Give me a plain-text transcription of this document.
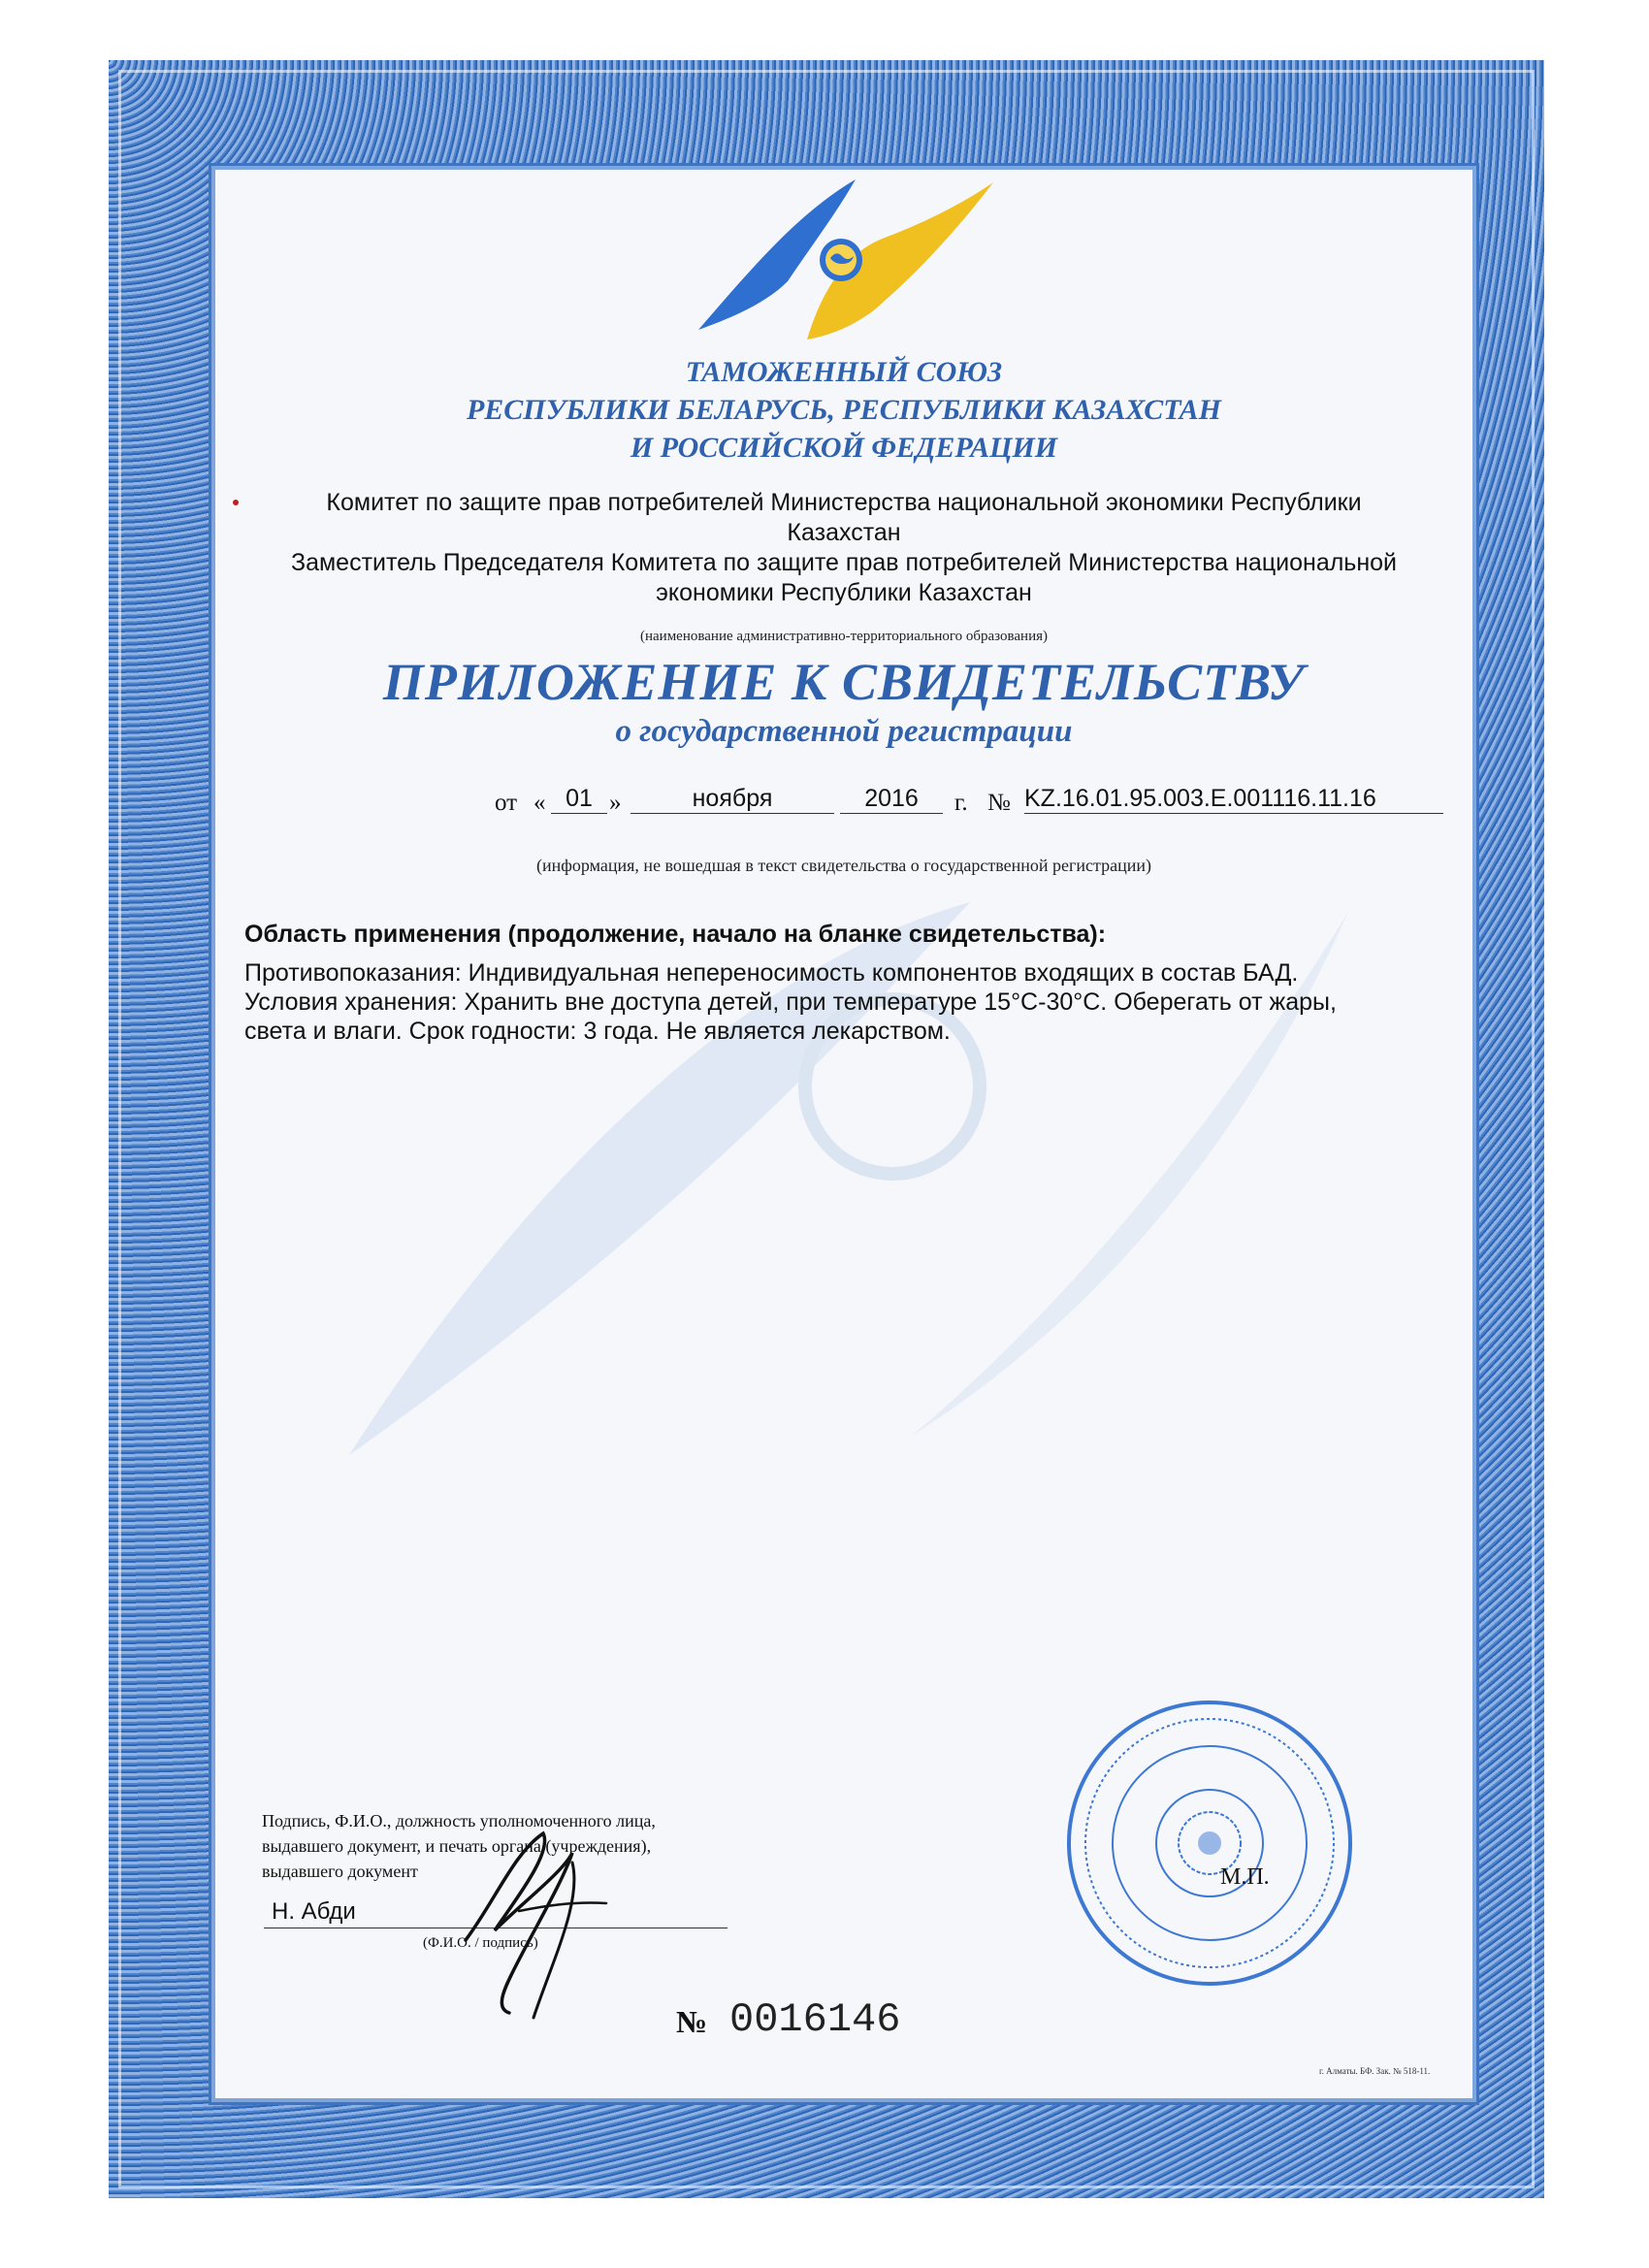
ТАМОЖЕННЫЙ СОЮЗ
РЕСПУБЛИКИ БЕЛАРУСЬ, РЕСПУБЛИКИ КАЗАХСТАН
И РОССИЙСКОЙ ФЕДЕРАЦИИ
Комитет по защите прав потребителей Министерства национальной экономики Республики
Казахстан
Заместитель Председателя Комитета по защите прав потребителей Министерства национальной
экономики Республики Казахстан
(наименование административно-территориального образования)
ПРИЛОЖЕНИЕ К СВИДЕТЕЛЬСТВУ
о государственной регистрации
от « 01 »	ноября	2016	г. № KZ.16.01.95.003.E.001116.11.16
(информация, не вошедшая в текст свидетельства о государственной регистрации)
Область применения (продолжение, начало на бланке свидетельства):
Противопоказания: Индивидуальная непереносимость компонентов входящих в состав БАД.
Условия хранения: Хранить вне доступа детей, при температуре 15°С-30°С. Оберегать от жары,
света и влаги. Срок годности: 3 года. Не является лекарством.
Подпись, Ф.И.О., должность уполномоченного лица,
выдавшего документ, и печать органа (учреждения),
выдавшего документ
Н. Абди
(Ф.И.О. / подпись)
М.П.
№ 0016146
г. Алматы. БФ. Зак. № 518-11.
